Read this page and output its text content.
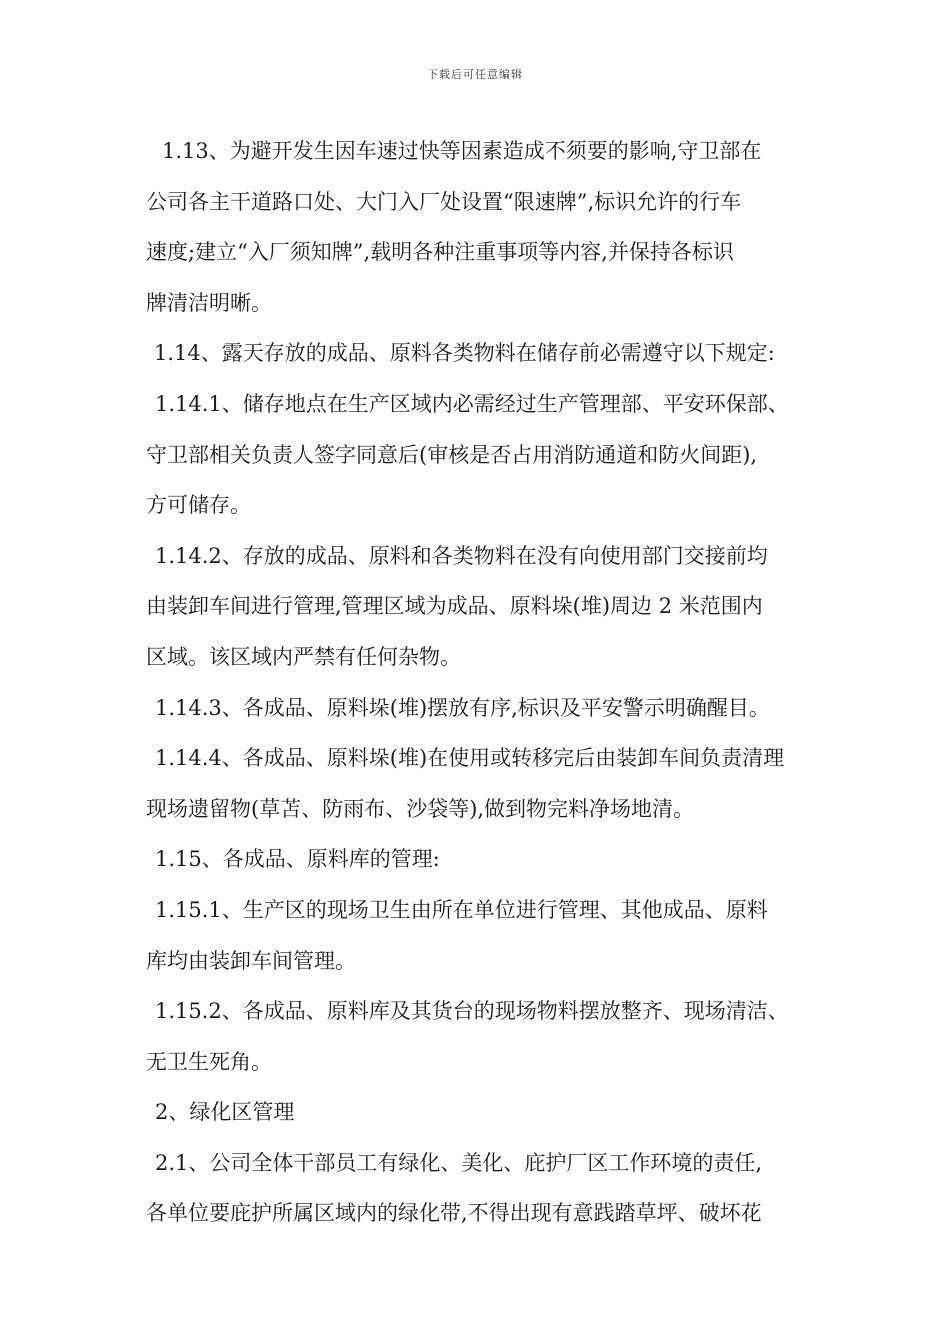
下载后可任意编辑
1.13、为避开发生因车速过快等因素造成不须要的影响,守卫部在
公司各主干道路口处、大门入厂处设置“限速牌”,标识允许的行车
速度;建立“入厂须知牌”,载明各种注重事项等内容,并保持各标识
牌清洁明晰。
1.14、露天存放的成品、原料各类物料在储存前必需遵守以下规定:
1.14.1、储存地点在生产区域内必需经过生产管理部、平安环保部、
守卫部相关负责人签字同意后(审核是否占用消防通道和防火间距),
方可储存。
1.14.2、存放的成品、原料和各类物料在没有向使用部门交接前均
由装卸车间进行管理,管理区域为成品、原料垛(堆)周边 2 米范围内
区域。该区域内严禁有任何杂物。
1.14.3、各成品、原料垛(堆)摆放有序,标识及平安警示明确醒目。
1.14.4、各成品、原料垛(堆)在使用或转移完后由装卸车间负责清理
现场遗留物(草苫、防雨布、沙袋等),做到物完料净场地清。
1.15、各成品、原料库的管理:
1.15.1、生产区的现场卫生由所在单位进行管理、其他成品、原料
库均由装卸车间管理。
1.15.2、各成品、原料库及其货台的现场物料摆放整齐、现场清洁、
无卫生死角。
2、绿化区管理
2.1、公司全体干部员工有绿化、美化、庇护厂区工作环境的责任,
各单位要庇护所属区域内的绿化带,不得出现有意践踏草坪、破坏花
